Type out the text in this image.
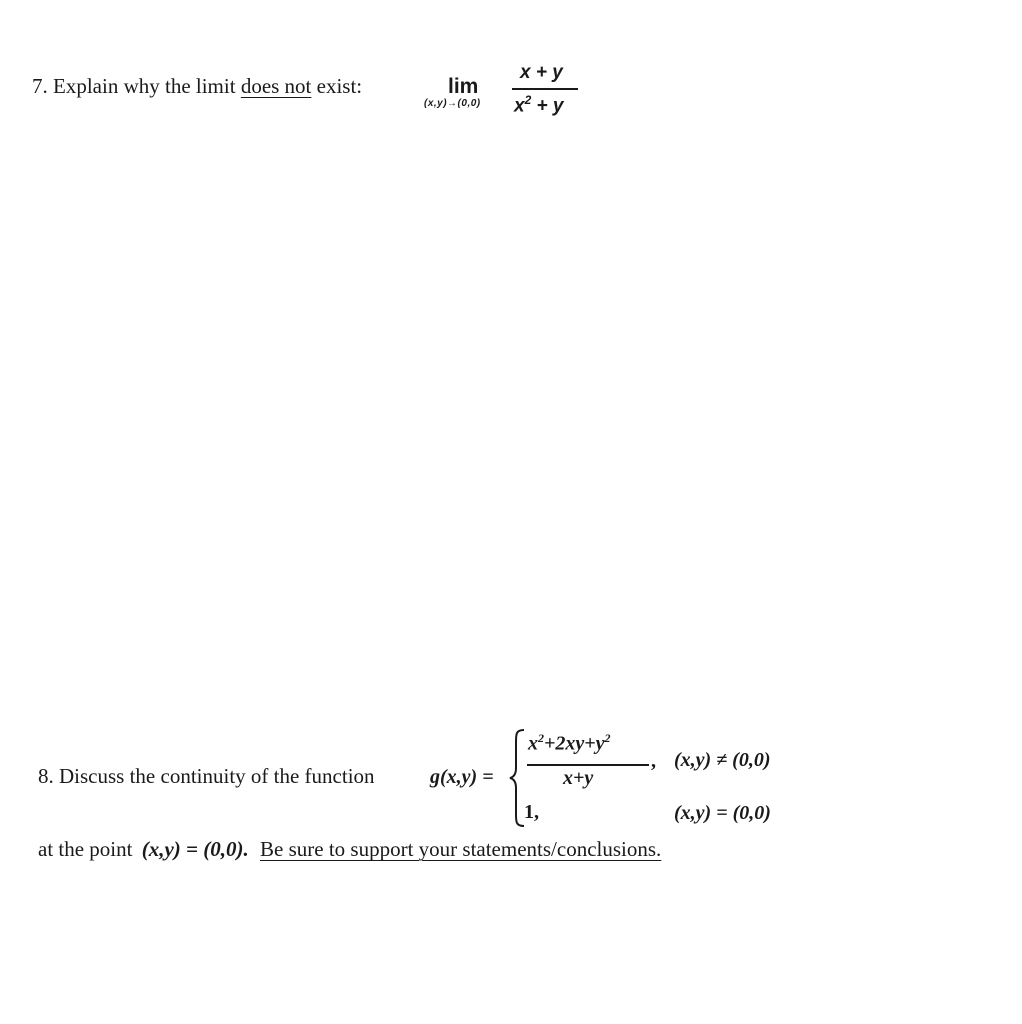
7. Explain why the limit does not exist:	lim
(x,y)→(0,0)
x + y
$x^2 + y$
8. Discuss the continuity of the function	g(x,y) =
$x^2+2xy+y^2$
x+y
, (x,y) ≠ (0,0)
1,	(x,y) = (0,0)
at the point (x,y) = (0,0). Be sure to support your statements/conclusions.
